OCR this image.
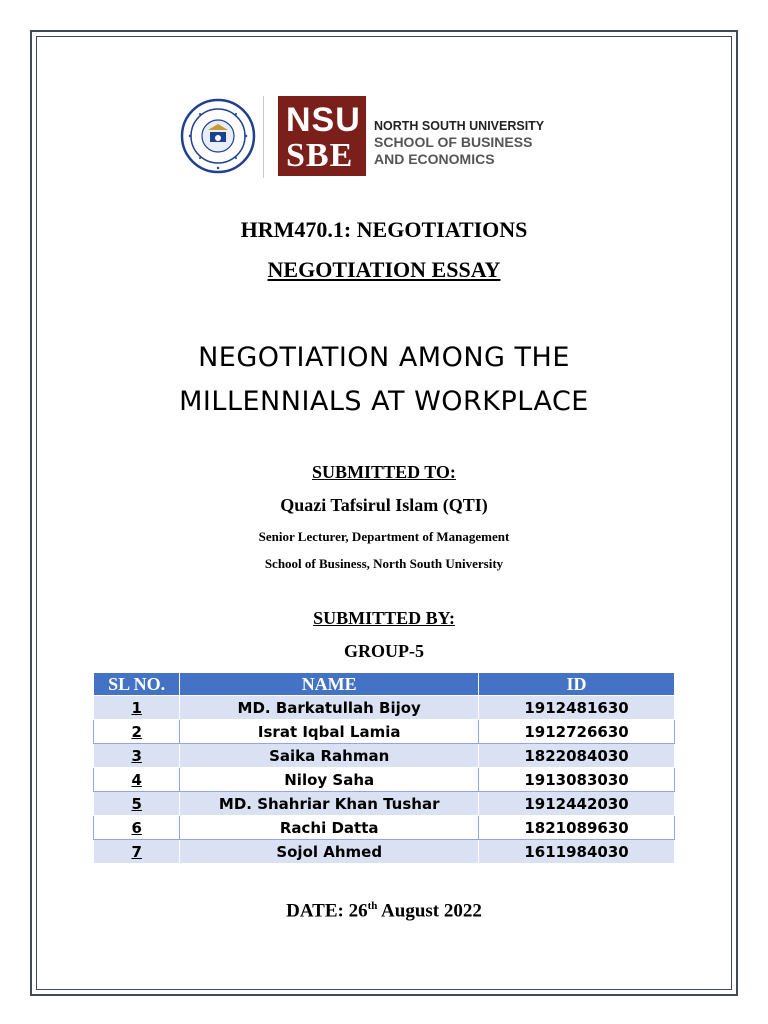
NSU
SBE
NORTH SOUTH UNIVERSITY
SCHOOL OF BUSINESS
AND ECONOMICS
HRM470.1: NEGOTIATIONS
NEGOTIATION ESSAY
NEGOTIATION AMONG THE
MILLENNIALS AT WORKPLACE
SUBMITTED TO:
Quazi Tafsirul Islam (QTI)
Senior Lecturer, Department of Management
School of Business, North South University
SUBMITTED BY:
GROUP-5
SL NO.	NAME	ID
1	MD. Barkatullah Bijoy	1912481630
2	Israt Iqbal Lamia	1912726630
3	Saika Rahman	1822084030
4	Niloy Saha	1913083030
5	MD. Shahriar Khan Tushar	1912442030
6	Rachi Datta	1821089630
7	Sojol Ahmed	1611984030
DATE: 26th August 2022
